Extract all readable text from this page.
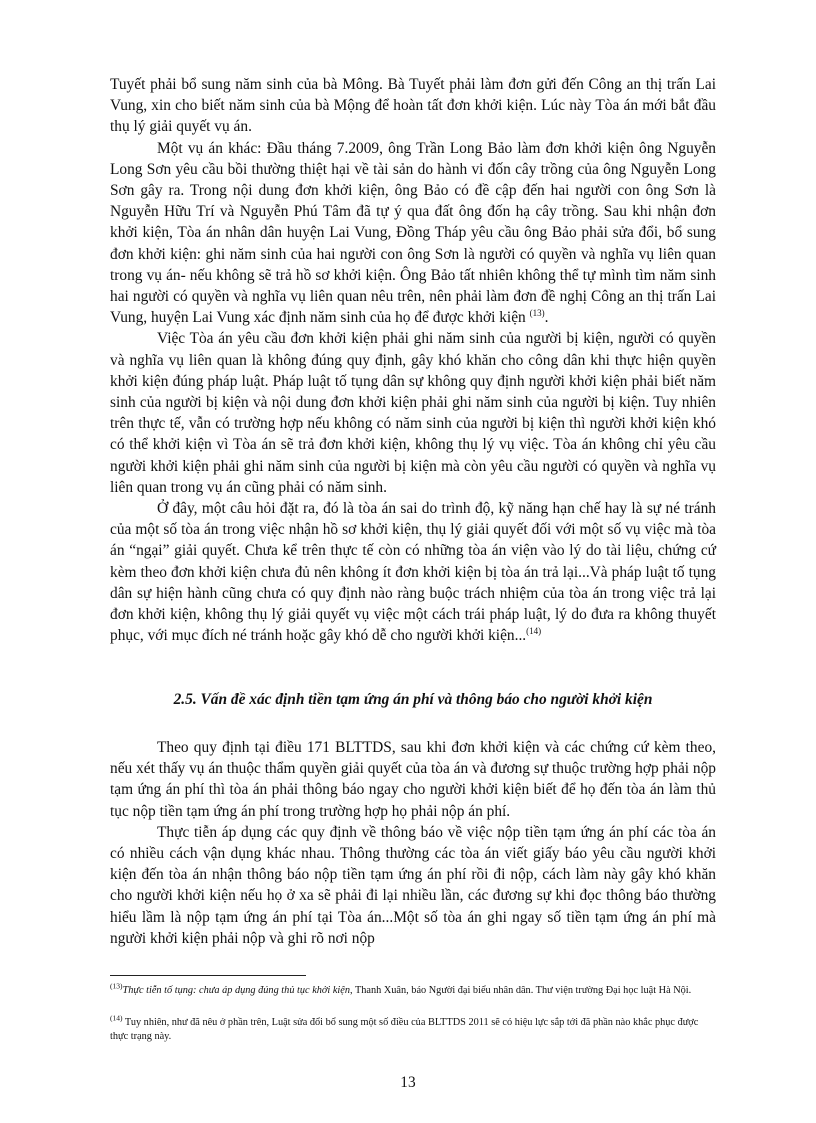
Tuyết phải bổ sung năm sinh của bà Mông. Bà Tuyết phải làm đơn gửi đến Công an thị trấn Lai Vung, xin cho biết năm sinh của bà Mộng để hoàn tất đơn khởi kiện. Lúc này Tòa án mới bắt đầu thụ lý giải quyết vụ án.

Một vụ án khác: Đầu tháng 7.2009, ông Trần Long Bảo làm đơn khởi kiện ông Nguyễn Long Sơn yêu cầu bồi thường thiệt hại về tài sản do hành vi đốn cây trồng của ông Nguyễn Long Sơn gây ra. Trong nội dung đơn khởi kiện, ông Bảo có đề cập đến hai người con ông Sơn là Nguyễn Hữu Trí và Nguyễn Phú Tâm đã tự ý qua đất ông đốn hạ cây trồng. Sau khi nhận đơn khởi kiện, Tòa án nhân dân huyện Lai Vung, Đồng Tháp yêu cầu ông Bảo phải sửa đổi, bổ sung đơn khởi kiện: ghi năm sinh của hai người con ông Sơn là người có quyền và nghĩa vụ liên quan trong vụ án- nếu không sẽ trả hồ sơ khởi kiện. Ông Bảo tất nhiên không thể tự mình tìm năm sinh hai người có quyền và nghĩa vụ liên quan nêu trên, nên phải làm đơn đề nghị Công an thị trấn Lai Vung, huyện Lai Vung xác định năm sinh của họ để được khởi kiện $^{(13)}$.

Việc Tòa án yêu cầu đơn khởi kiện phải ghi năm sinh của người bị kiện, người có quyền và nghĩa vụ liên quan là không đúng quy định, gây khó khăn cho công dân khi thực hiện quyền khởi kiện đúng pháp luật. Pháp luật tố tụng dân sự không quy định người khởi kiện phải biết năm sinh của người bị kiện và nội dung đơn khởi kiện phải ghi năm sinh của người bị kiện. Tuy nhiên trên thực tế, vẫn có trường hợp nếu không có năm sinh của người bị kiện thì người khởi kiện khó có thể khởi kiện vì Tòa án sẽ trả đơn khởi kiện, không thụ lý vụ việc. Tòa án không chỉ yêu cầu người khởi kiện phải ghi năm sinh của người bị kiện mà còn yêu cầu người có quyền và nghĩa vụ liên quan trong vụ án cũng phải có năm sinh.

Ở đây, một câu hỏi đặt ra, đó là tòa án sai do trình độ, kỹ năng hạn chế hay là sự né tránh của một số tòa án trong việc nhận hồ sơ khởi kiện, thụ lý giải quyết đối với một số vụ việc mà tòa án “ngại” giải quyết. Chưa kể trên thực tế còn có những tòa án viện vào lý do tài liệu, chứng cứ kèm theo đơn khởi kiện chưa đủ nên không ít đơn khởi kiện bị tòa án trả lại...Và pháp luật tố tụng dân sự hiện hành cũng chưa có quy định nào ràng buộc trách nhiệm của tòa án trong việc trả lại đơn khởi kiện, không thụ lý giải quyết vụ việc một cách trái pháp luật, lý do đưa ra không thuyết phục, với mục đích né tránh hoặc gây khó dễ cho người khởi kiện...$^{(14)}$

2.5. Vấn đề xác định tiền tạm ứng án phí và thông báo cho người khởi kiện

Theo quy định tại điều 171 BLTTDS, sau khi đơn khởi kiện và các chứng cứ kèm theo, nếu xét thấy vụ án thuộc thẩm quyền giải quyết của tòa án và đương sự thuộc trường hợp phải nộp tạm ứng án phí thì tòa án phải thông báo ngay cho người khởi kiện biết để họ đến tòa án làm thủ tục nộp tiền tạm ứng án phí trong trường hợp họ phải nộp án phí.

Thực tiễn áp dụng các quy định về thông báo về việc nộp tiền tạm ứng án phí các tòa án có nhiều cách vận dụng khác nhau. Thông thường các tòa án viết giấy báo yêu cầu người khởi kiện đến tòa án nhận thông báo nộp tiền tạm ứng án phí rồi đi nộp, cách làm này gây khó khăn cho người khởi kiện nếu họ ở xa sẽ phải đi lại nhiều lần, các đương sự khi đọc thông báo thường hiểu lầm là nộp tạm ứng án phí tại Tòa án...Một số tòa án ghi ngay số tiền tạm ứng án phí mà người khởi kiện phải nộp và ghi rõ nơi nộp

$^{(13)}$Thực tiễn tố tụng: chưa áp dụng đúng thủ tục khởi kiện, Thanh Xuân, báo Người đại biểu nhân dân. Thư viện trường Đại học luật Hà Nội.

$^{(14)}$ Tuy nhiên, như đã nêu ở phần trên, Luật sửa đổi bổ sung một số điều của BLTTDS 2011 sẽ có hiệu lực sắp tới đã phần nào khắc phục được thực trạng này.

13
